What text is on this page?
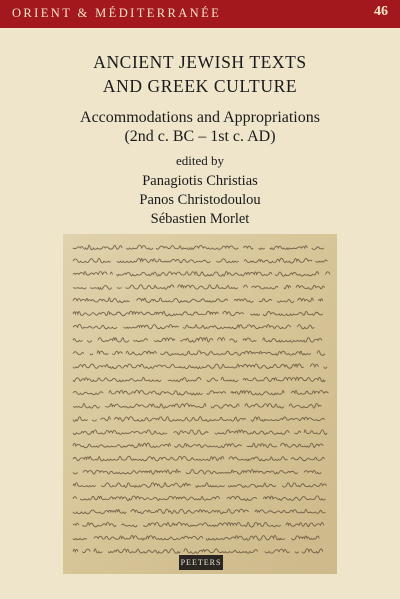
ORIENT & MÉDITERRANÉE	46
ANCIENT JEWISH TEXTS
AND GREEK CULTURE
Accommodations and Appropriations
(2nd c. BC – 1st c. AD)
edited by
Panagiotis Christias
Panos Christodoulou
Sébastien Morlet
PEETERS
